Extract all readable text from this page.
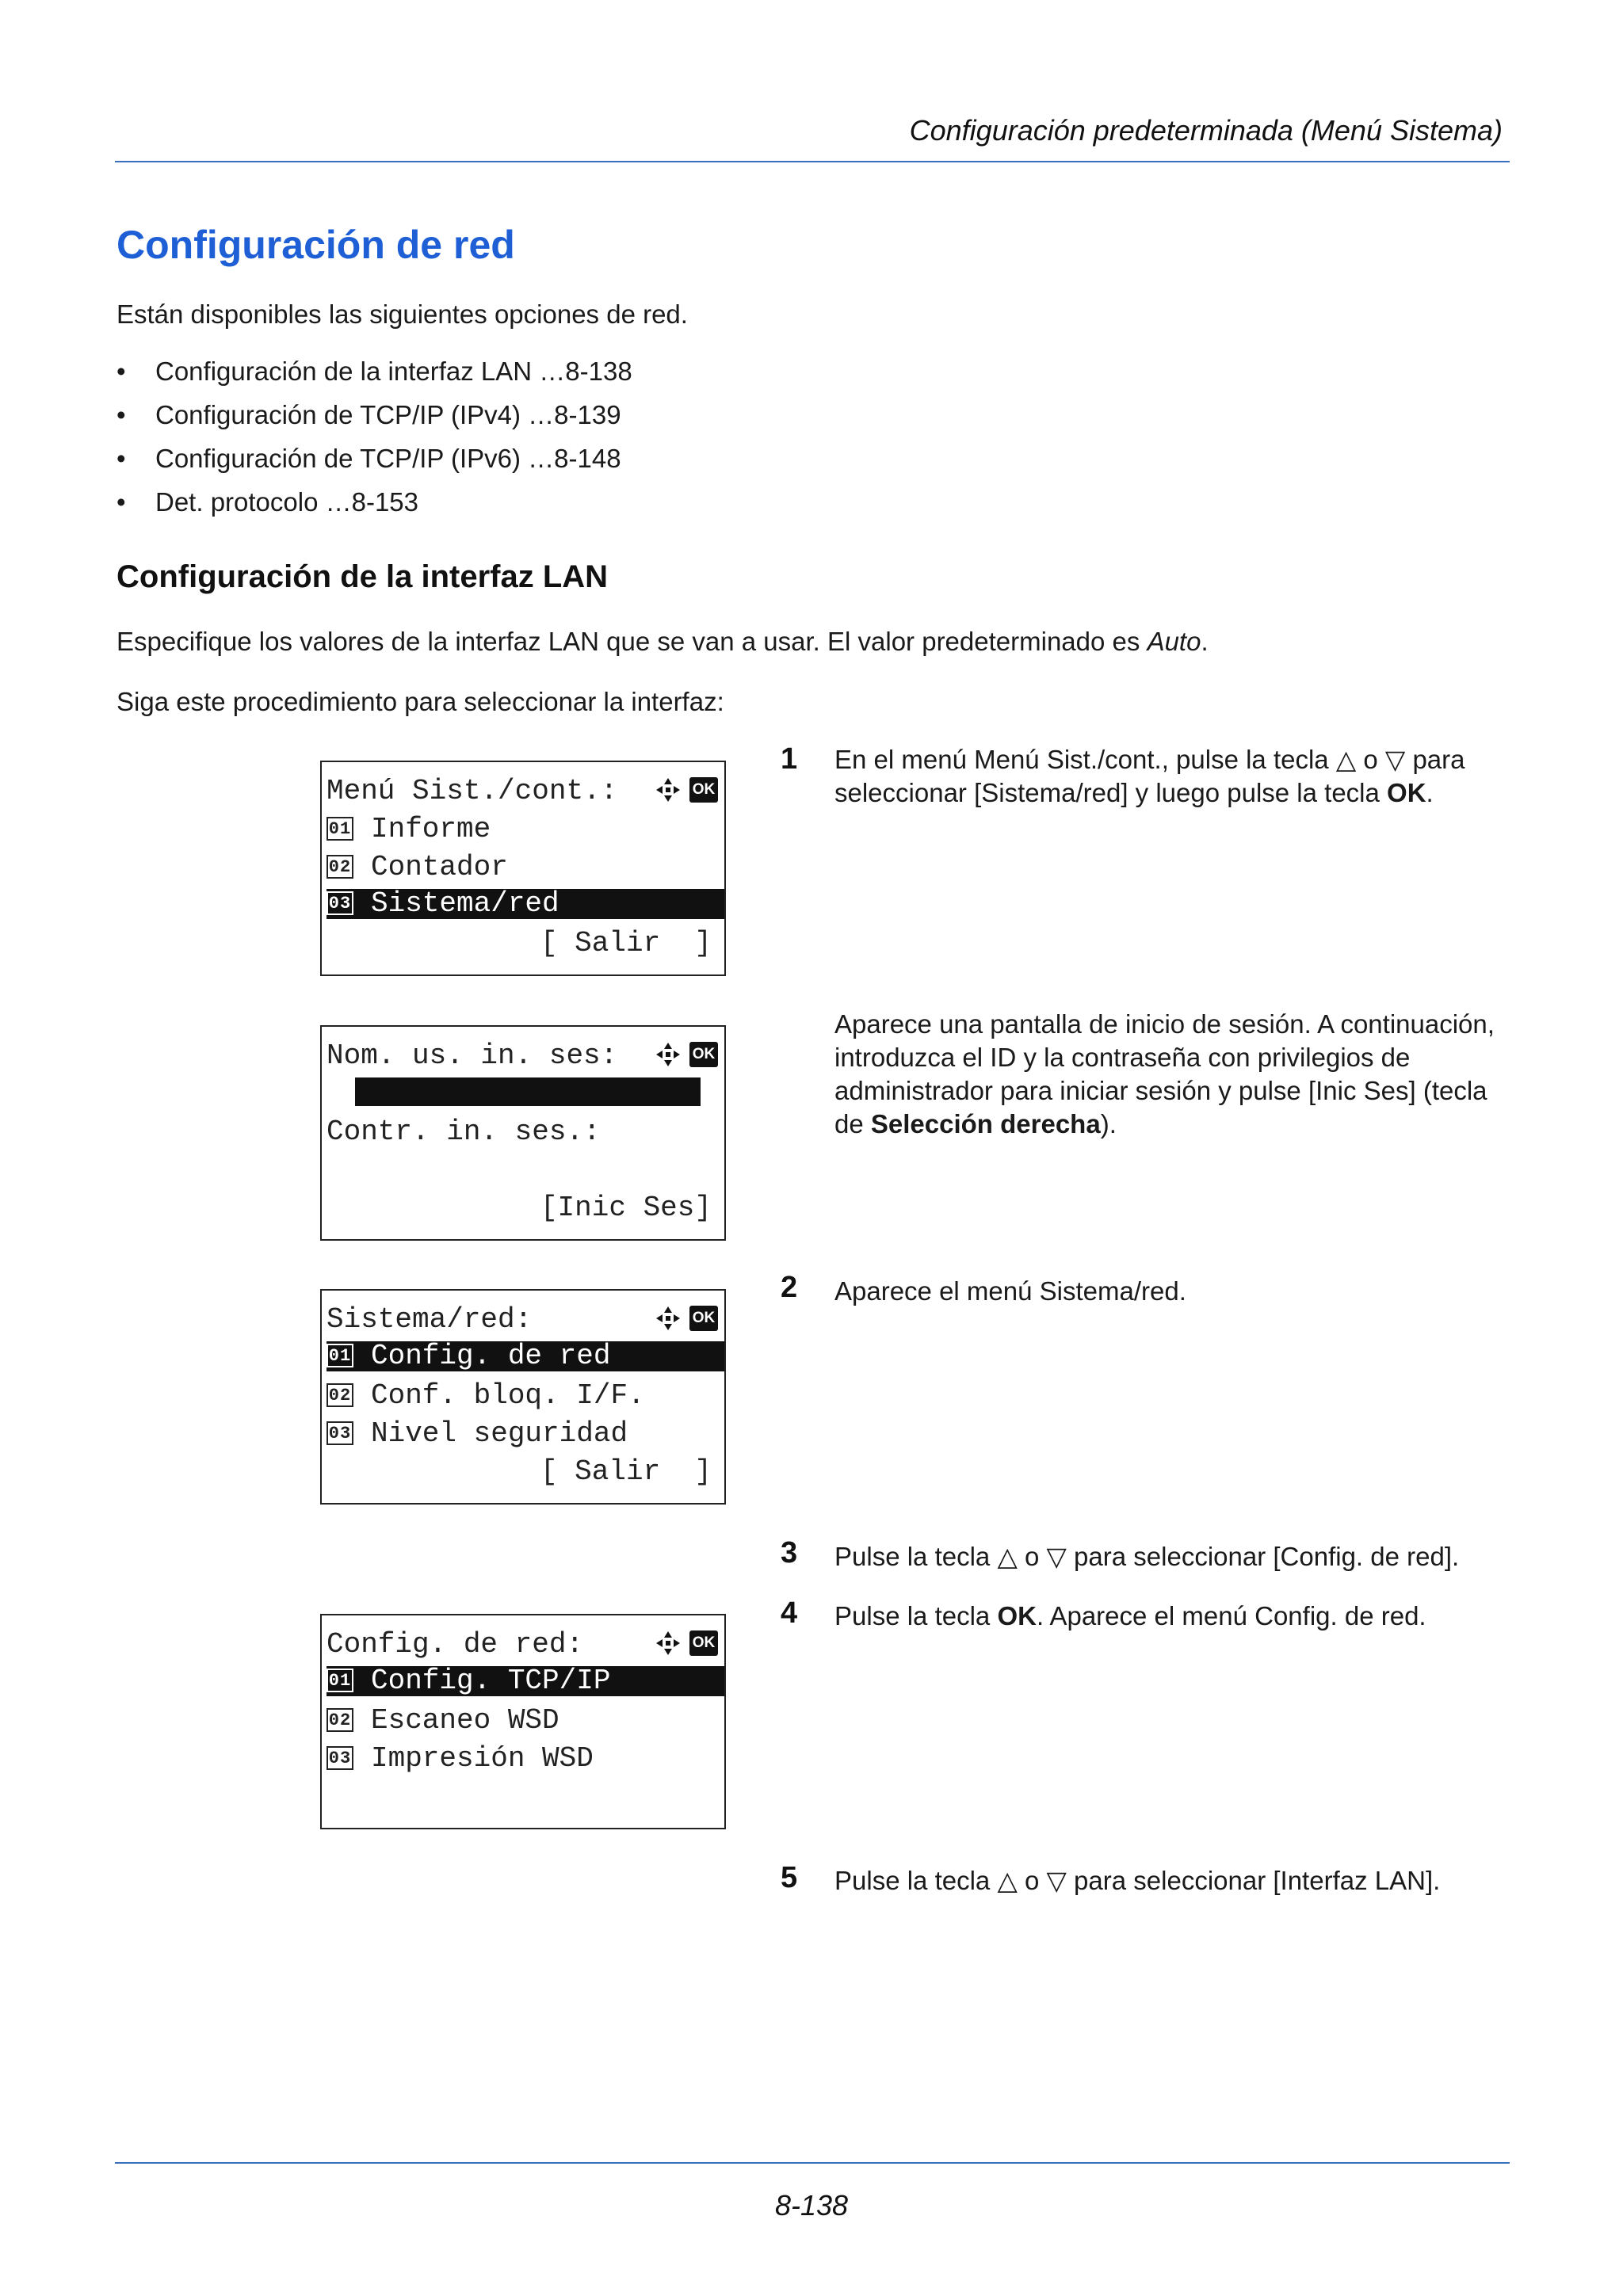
Configuración predeterminada (Menú Sistema)
Configuración de red
Están disponibles las siguientes opciones de red.
• Configuración de la interfaz LAN …8-138
• Configuración de TCP/IP (IPv4) …8-139
• Configuración de TCP/IP (IPv6) …8-148
• Det. protocolo …8-153
Configuración de la interfaz LAN
Especifique los valores de la interfaz LAN que se van a usar. El valor predeterminado es Auto.
Siga este procedimiento para seleccionar la interfaz:
Menú Sist./cont.:	OK
01 Informe
02 Contador
03 Sistema/red
[ Salir  ]
1 En el menú Menú Sist./cont., pulse la tecla △ o ▽ para seleccionar [Sistema/red] y luego pulse la tecla OK.
Nom. us. in. ses:	OK
Contr. in. ses.:
[Inic Ses]
Aparece una pantalla de inicio de sesión. A continuación, introduzca el ID y la contraseña con privilegios de administrador para iniciar sesión y pulse [Inic Ses] (tecla de Selección derecha).
Sistema/red:	OK
01 Config. de red
02 Conf. bloq. I/F.
03 Nivel seguridad
[ Salir  ]
2 Aparece el menú Sistema/red.
3 Pulse la tecla △ o ▽ para seleccionar [Config. de red].
4 Pulse la tecla OK. Aparece el menú Config. de red.
Config. de red:	OK
01 Config. TCP/IP
02 Escaneo WSD
03 Impresión WSD
5 Pulse la tecla △ o ▽ para seleccionar [Interfaz LAN].
8-138
